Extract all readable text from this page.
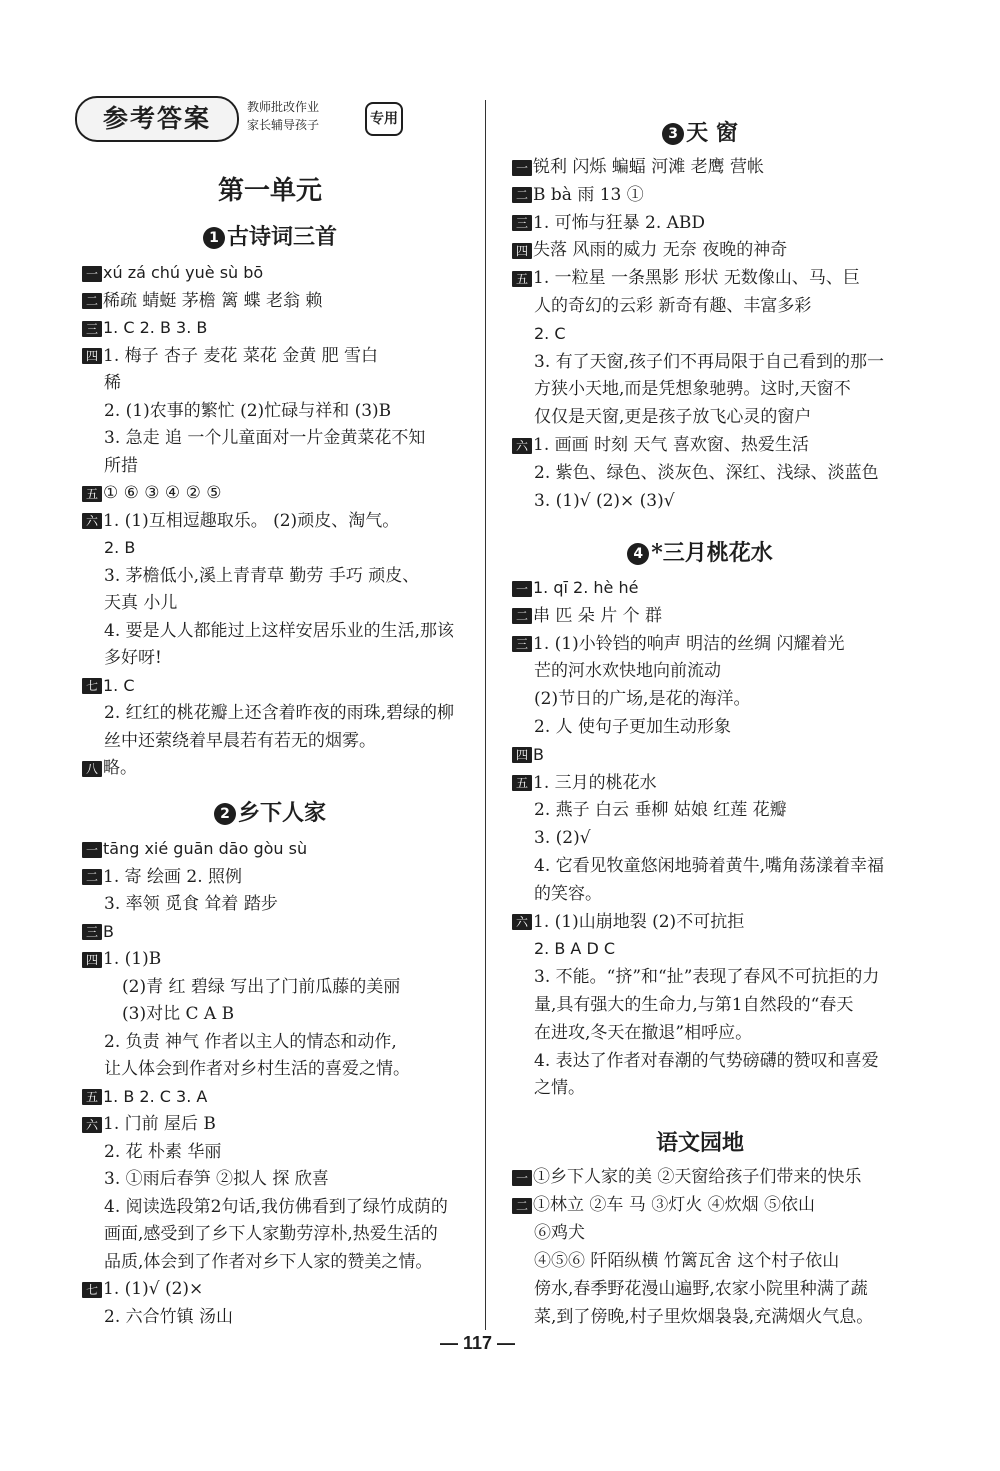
参考答案	教师批改作业
家长辅导孩子	专用
第一单元
1 古诗词三首
一 xú zá chú yuè sù bō
二 稀疏 蜻蜓 茅檐 篱 蝶 老翁 赖
三 1. C 2. B 3. B
四 1. 梅子 杏子 麦花 菜花 金黄 肥 雪白
稀
2. (1)农事的繁忙 (2)忙碌与祥和 (3)B
3. 急走 追 一个儿童面对一片金黄菜花不知
所措
五 ① ⑥ ③ ④ ② ⑤
六 1. (1)互相逗趣取乐。 (2)顽皮、淘气。
2. B
3. 茅檐低小,溪上青青草 勤劳 手巧 顽皮、
天真 小儿
4. 要是人人都能过上这样安居乐业的生活,那该
多好呀!
七 1. C
2. 红红的桃花瓣上还含着昨夜的雨珠,碧绿的柳
丝中还萦绕着早晨若有若无的烟雾。
八 略。
2 乡下人家
一 tāng xié guān dāo gòu sù
二 1. 寄 绘画 2. 照例
3. 率领 觅食 耸着 踏步
三 B
四 1. (1)B
(2)青 红 碧绿 写出了门前瓜藤的美丽
(3)对比 C A B
2. 负责 神气 作者以主人的情态和动作,
让人体会到作者对乡村生活的喜爱之情。
五 1. B 2. C 3. A
六 1. 门前 屋后 B
2. 花 朴素 华丽
3. ①雨后春笋 ②拟人 探 欣喜
4. 阅读选段第2句话,我仿佛看到了绿竹成荫的
画面,感受到了乡下人家勤劳淳朴,热爱生活的
品质,体会到了作者对乡下人家的赞美之情。
七 1. (1)√ (2)×
2. 六合竹镇 汤山
3 天 窗
一 锐利 闪烁 蝙蝠 河滩 老鹰 营帐
二 B bà 雨 13 ①
三 1. 可怖与狂暴 2. ABD
四 失落 风雨的威力 无奈 夜晚的神奇
五 1. 一粒星 一条黑影 形状 无数像山、马、巨
人的奇幻的云彩 新奇有趣、丰富多彩
2. C
3. 有了天窗,孩子们不再局限于自己看到的那一
方狭小天地,而是凭想象驰骋。这时,天窗不
仅仅是天窗,更是孩子放飞心灵的窗户
六 1. 画画 时刻 天气 喜欢窗、热爱生活
2. 紫色、绿色、淡灰色、深红、浅绿、淡蓝色
3. (1)√ (2)× (3)√
4 *三月桃花水
一 1. qī 2. hè hé
二 串 匹 朵 片 个 群
三 1. (1)小铃铛的响声 明洁的丝绸 闪耀着光
芒的河水欢快地向前流动
(2)节日的广场,是花的海洋。
2. 人 使句子更加生动形象
四 B
五 1. 三月的桃花水
2. 燕子 白云 垂柳 姑娘 红莲 花瓣
3. (2)√
4. 它看见牧童悠闲地骑着黄牛,嘴角荡漾着幸福
的笑容。
六 1. (1)山崩地裂 (2)不可抗拒
2. B A D C
3. 不能。“挤”和“扯”表现了春风不可抗拒的力
量,具有强大的生命力,与第1自然段的“春天
在进攻,冬天在撤退”相呼应。
4. 表达了作者对春潮的气势磅礴的赞叹和喜爱
之情。
语文园地
一 ①乡下人家的美 ②天窗给孩子们带来的快乐
二 ①林立 ②车 马 ③灯火 ④炊烟 ⑤依山
⑥鸡犬
④⑤⑥ 阡陌纵横 竹篱瓦舍 这个村子依山
傍水,春季野花漫山遍野,农家小院里种满了蔬
菜,到了傍晚,村子里炊烟袅袅,充满烟火气息。
— 117 —
